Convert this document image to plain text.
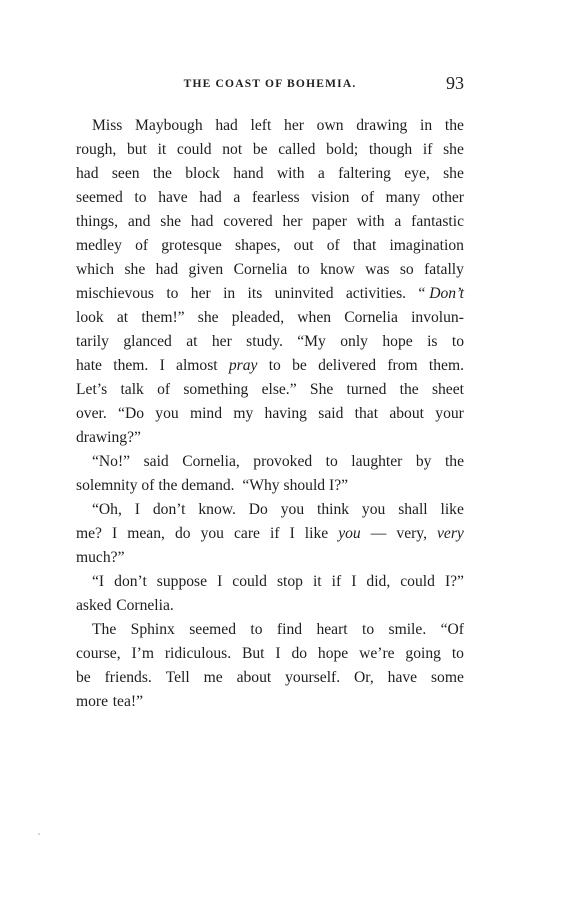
THE COAST OF BOHEMIA.	93
Miss Maybough had left her own drawing in the
rough, but it could not be called bold; though if she
had seen the block hand with a faltering eye, she
seemed to have had a fearless vision of many other
things, and she had covered her paper with a fantastic
medley of grotesque shapes, out of that imagination
which she had given Cornelia to know was so fatally
mischievous to her in its uninvited activities. “ Don’t
look at them!” she pleaded, when Cornelia involun-
tarily glanced at her study. “My only hope is to
hate them. I almost pray to be delivered from them.
Let’s talk of something else.” She turned the sheet
over. “Do you mind my having said that about your
drawing?”
“No!” said Cornelia, provoked to laughter by the
solemnity
of
the
demand.
“Why
should
I?”
“Oh, I don’t know. Do you think you shall like
me? I mean, do you care if I like you — very, very
much?”
“I don’t suppose I could stop it if I did, could I?”
asked Cornelia.
The Sphinx seemed to find heart to smile. “Of
course, I’m ridiculous. But I do hope we’re going to
be friends. Tell me about yourself. Or, have some
more tea!”
